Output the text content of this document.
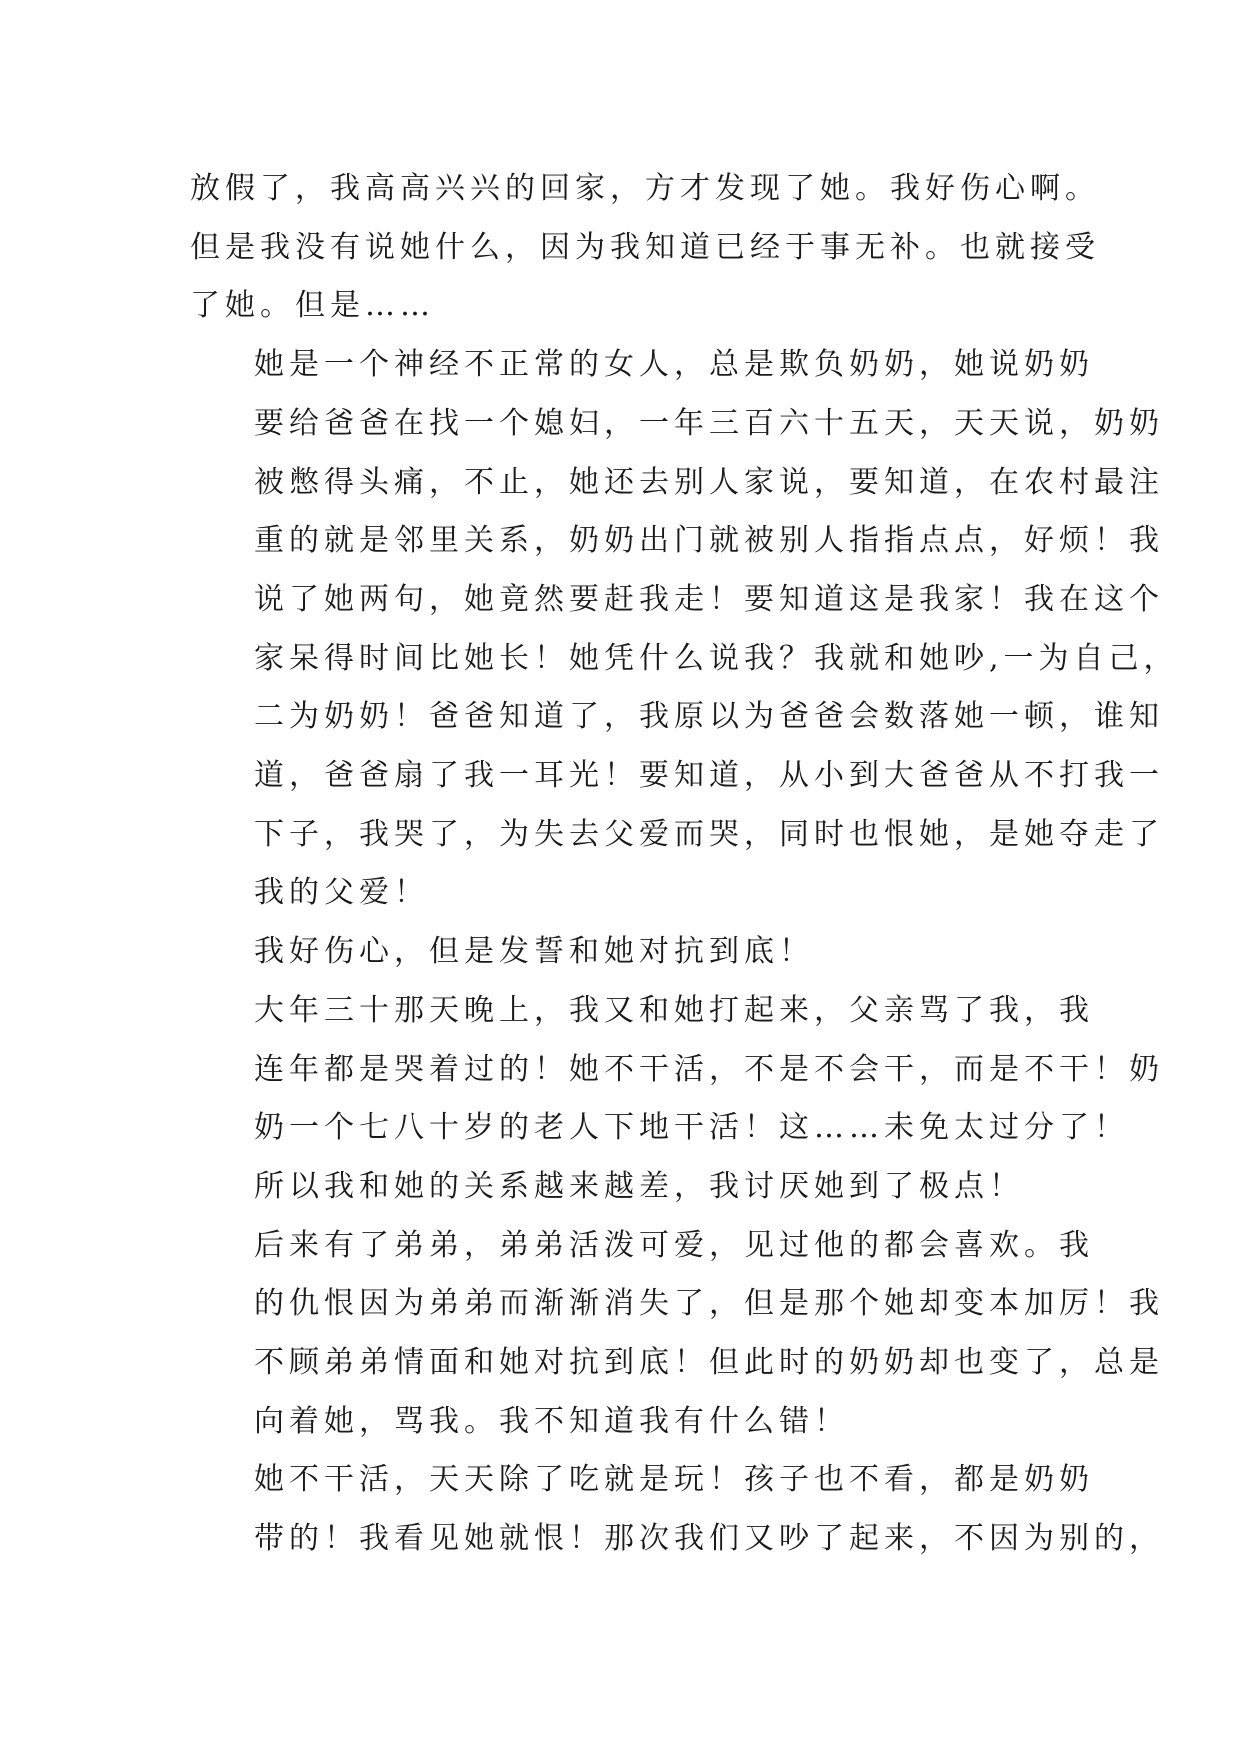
放假了，我高高兴兴的回家，方才发现了她。我好伤心啊。
但是我没有说她什么，因为我知道已经于事无补。也就接受
了她。但是……
她是一个神经不正常的女人，总是欺负奶奶，她说奶奶
要给爸爸在找一个媳妇，一年三百六十五天，天天说，奶奶
被憋得头痛，不止，她还去别人家说，要知道，在农村最注
重的就是邻里关系，奶奶出门就被别人指指点点，好烦！我
说了她两句，她竟然要赶我走！要知道这是我家！我在这个
家呆得时间比她长！她凭什么说我？我就和她吵,一为自己，
二为奶奶！爸爸知道了，我原以为爸爸会数落她一顿，谁知
道，爸爸扇了我一耳光！要知道，从小到大爸爸从不打我一
下子，我哭了，为失去父爱而哭，同时也恨她，是她夺走了
我的父爱！
我好伤心，但是发誓和她对抗到底！
大年三十那天晚上，我又和她打起来，父亲骂了我，我
连年都是哭着过的！她不干活，不是不会干，而是不干！奶
奶一个七八十岁的老人下地干活！这……未免太过分了！
所以我和她的关系越来越差，我讨厌她到了极点！
后来有了弟弟，弟弟活泼可爱，见过他的都会喜欢。我
的仇恨因为弟弟而渐渐消失了，但是那个她却变本加厉！我
不顾弟弟情面和她对抗到底！但此时的奶奶却也变了，总是
向着她，骂我。我不知道我有什么错！
她不干活，天天除了吃就是玩！孩子也不看，都是奶奶
带的！我看见她就恨！那次我们又吵了起来，不因为别的，
